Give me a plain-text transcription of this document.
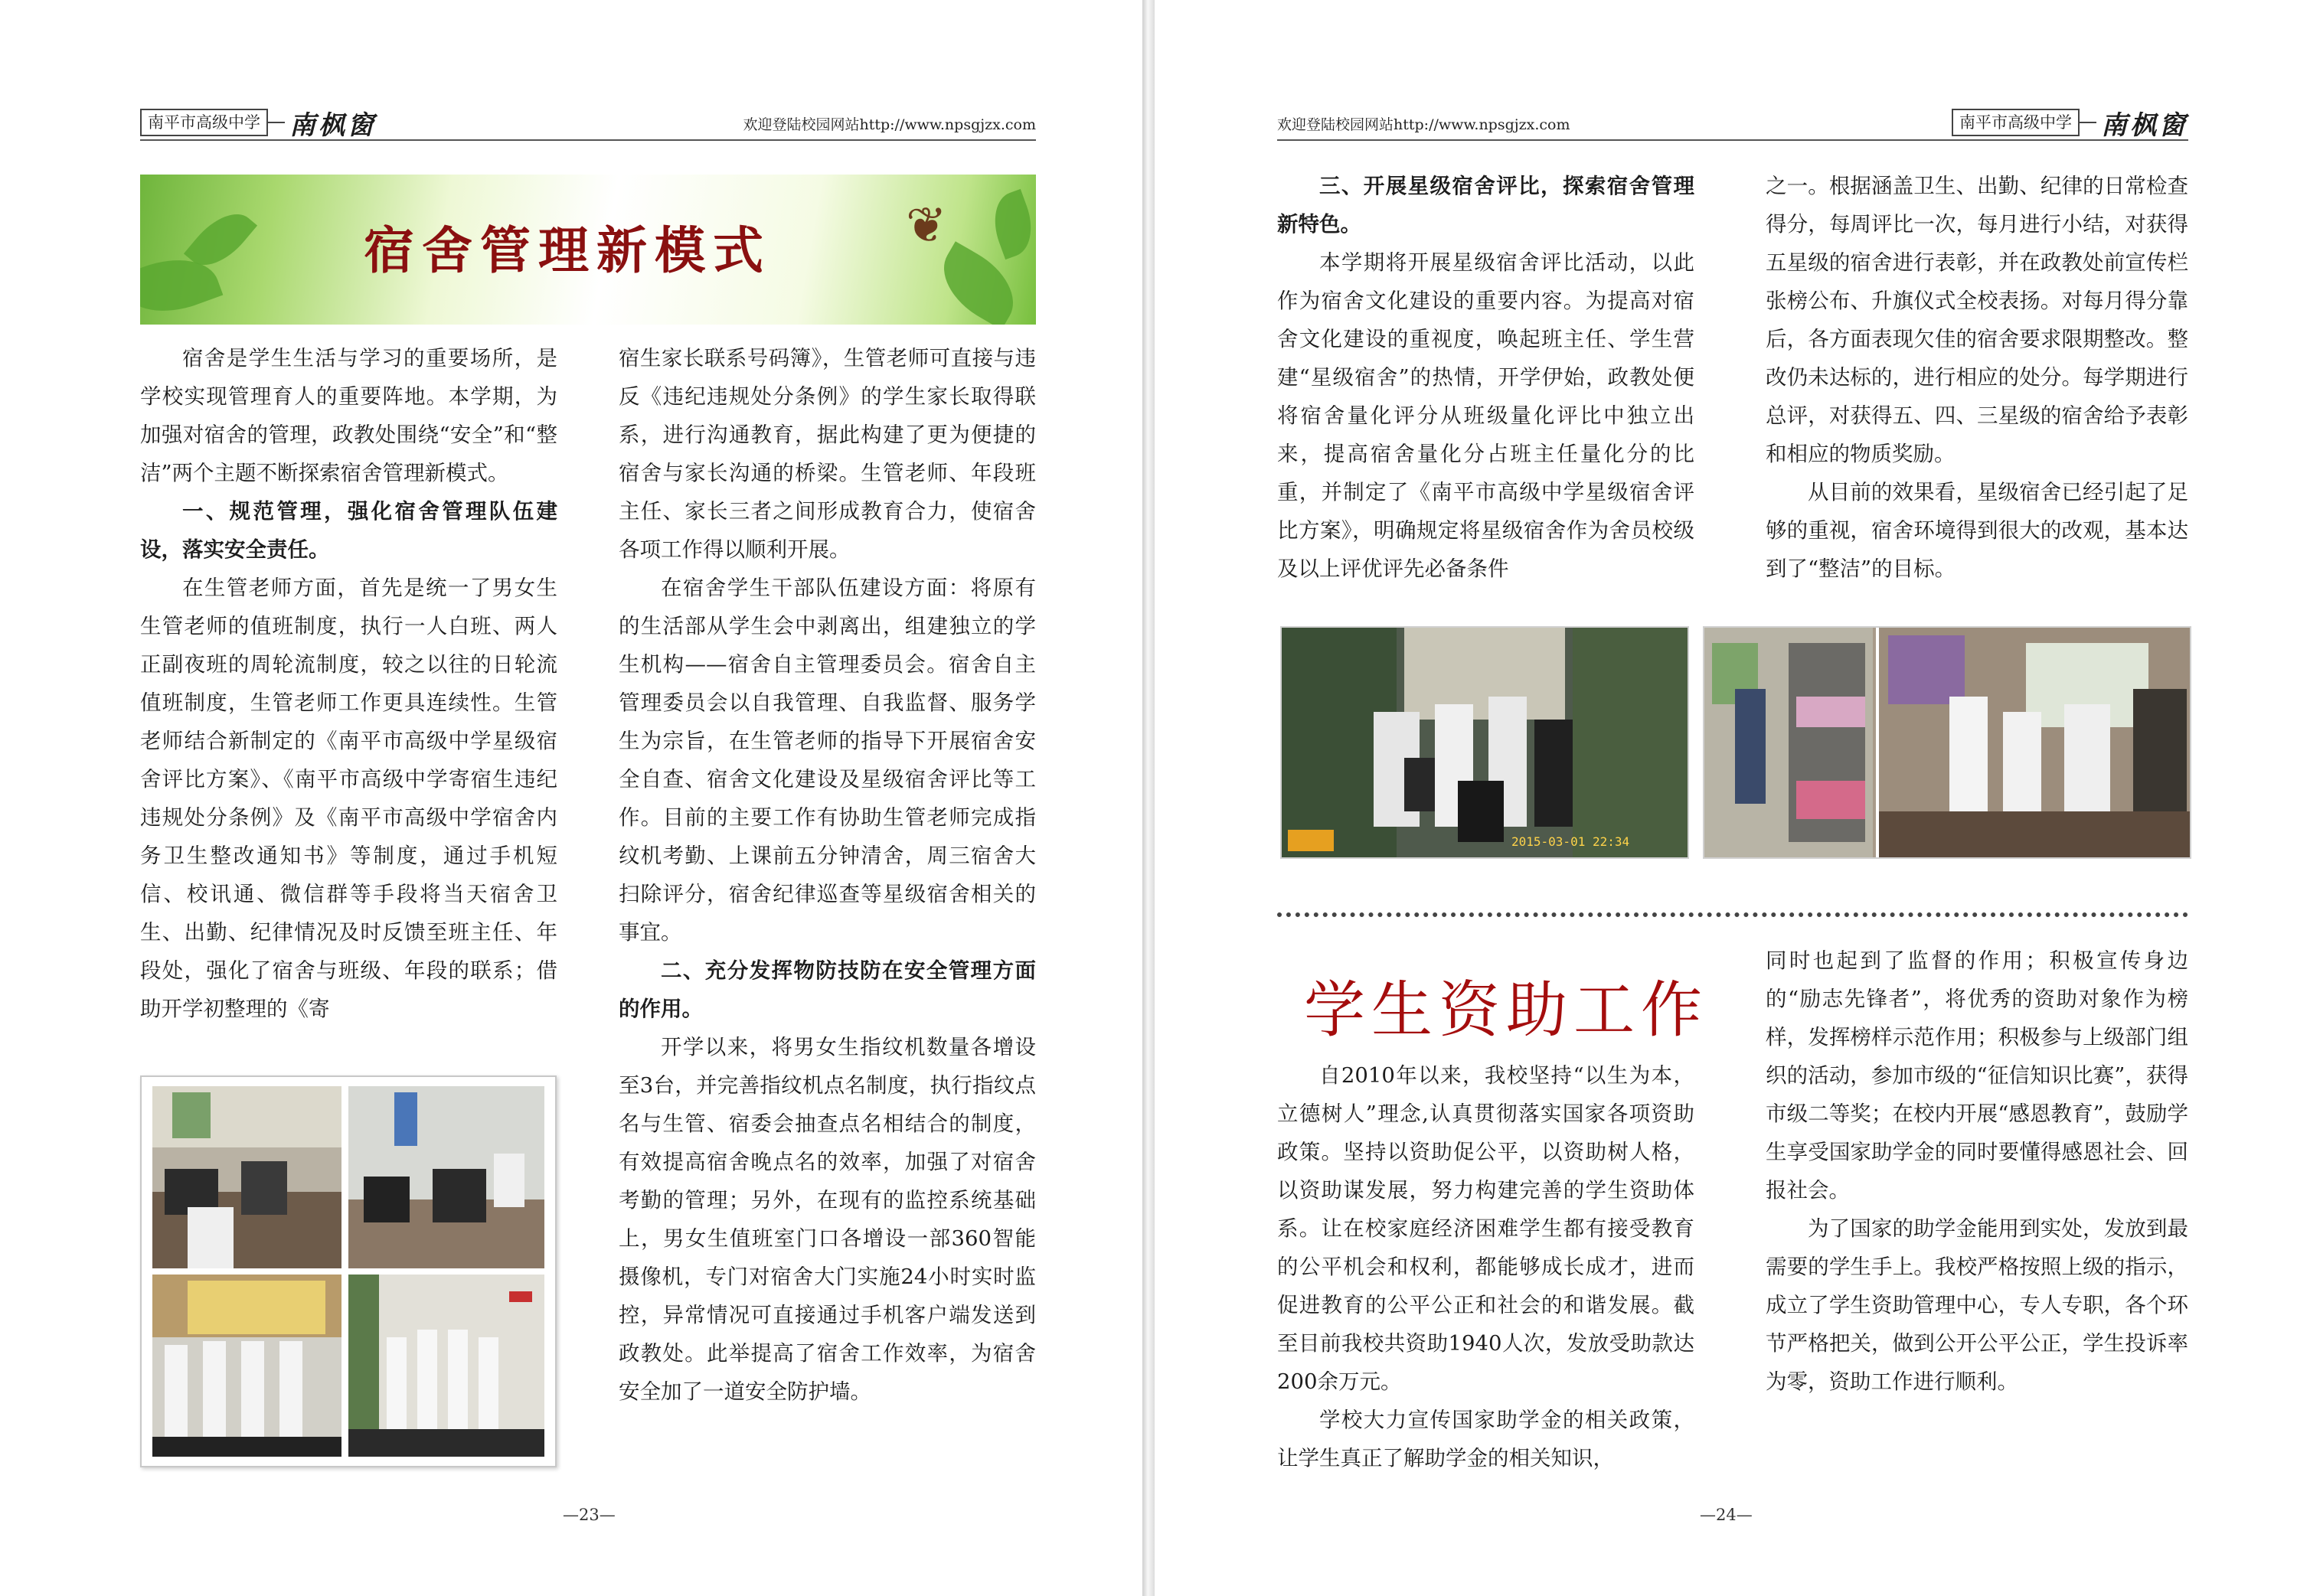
南平市高级中学 南枫窗	欢迎登陆校园网站http://www.npsgjzx.com
❦
宿舍管理新模式

宿舍是学生生活与学习的重要场所，是学校实现管理育人的重要阵地。本学期，为加强对宿舍的管理，政教处围绕“安全”和“整洁”两个主题不断探索宿舍管理新模式。

一、规范管理，强化宿舍管理队伍建设，落实安全责任。

在生管老师方面，首先是统一了男女生生管老师的值班制度，执行一人白班、两人正副夜班的周轮流制度，较之以往的日轮流值班制度，生管老师工作更具连续性。生管老师结合新制定的《南平市高级中学星级宿舍评比方案》、《南平市高级中学寄宿生违纪违规处分条例》及《南平市高级中学宿舍内务卫生整改通知书》等制度，通过手机短信、校讯通、微信群等手段将当天宿舍卫生、出勤、纪律情况及时反馈至班主任、年段处，强化了宿舍与班级、年段的联系；借助开学初整理的《寄

宿生家长联系号码簿》，生管老师可直接与违反《违纪违规处分条例》的学生家长取得联系，进行沟通教育，据此构建了更为便捷的宿舍与家长沟通的桥梁。生管老师、年段班主任、家长三者之间形成教育合力，使宿舍各项工作得以顺利开展。

在宿舍学生干部队伍建设方面：将原有的生活部从学生会中剥离出，组建独立的学生机构——宿舍自主管理委员会。宿舍自主管理委员会以自我管理、自我监督、服务学生为宗旨，在生管老师的指导下开展宿舍安全自查、宿舍文化建设及星级宿舍评比等工作。目前的主要工作有协助生管老师完成指纹机考勤、上课前五分钟清舍，周三宿舍大扫除评分，宿舍纪律巡查等星级宿舍相关的事宜。

二、充分发挥物防技防在安全管理方面的作用。

开学以来，将男女生指纹机数量各增设至3台，并完善指纹机点名制度，执行指纹点名与生管、宿委会抽查点名相结合的制度，有效提高宿舍晚点名的效率，加强了对宿舍考勤的管理；另外，在现有的监控系统基础上，男女生值班室门口各增设一部360智能摄像机，专门对宿舍大门实施24小时实时监控，异常情况可直接通过手机客户端发送到政教处。此举提高了宿舍工作效率，为宿舍安全加了一道安全防护墙。

—23—
欢迎登陆校园网站http://www.npsgjzx.com	南平市高级中学 南枫窗

三、开展星级宿舍评比，探索宿舍管理新特色。

本学期将开展星级宿舍评比活动，以此作为宿舍文化建设的重要内容。为提高对宿舍文化建设的重视度，唤起班主任、学生营建“星级宿舍”的热情，开学伊始，政教处便将宿舍量化评分从班级量化评比中独立出来，提高宿舍量化分占班主任量化分的比重，并制定了《南平市高级中学星级宿舍评比方案》，明确规定将星级宿舍作为舍员校级及以上评优评先必备条件

之一。根据涵盖卫生、出勤、纪律的日常检查得分，每周评比一次，每月进行小结，对获得五星级的宿舍进行表彰，并在政教处前宣传栏张榜公布、升旗仪式全校表扬。对每月得分靠后，各方面表现欠佳的宿舍要求限期整改。整改仍未达标的，进行相应的处分。每学期进行总评，对获得五、四、三星级的宿舍给予表彰和相应的物质奖励。

从目前的效果看，星级宿舍已经引起了足够的重视，宿舍环境得到很大的改观，基本达到了“整洁”的目标。

2015-03-01 22:34
学生资助工作

自2010年以来，我校坚持“以生为本，立德树人”理念,认真贯彻落实国家各项资助政策。坚持以资助促公平，以资助树人格，以资助谋发展，努力构建完善的学生资助体系。让在校家庭经济困难学生都有接受教育的公平机会和权利，都能够成长成才，进而促进教育的公平公正和社会的和谐发展。截至目前我校共资助1940人次，发放受助款达200余万元。

学校大力宣传国家助学金的相关政策，让学生真正了解助学金的相关知识，

同时也起到了监督的作用；积极宣传身边的“励志先锋者”，将优秀的资助对象作为榜样，发挥榜样示范作用；积极参与上级部门组织的活动，参加市级的“征信知识比赛”，获得市级二等奖；在校内开展“感恩教育”，鼓励学生享受国家助学金的同时要懂得感恩社会、回报社会。

为了国家的助学金能用到实处，发放到最需要的学生手上。我校严格按照上级的指示，成立了学生资助管理中心，专人专职，各个环节严格把关，做到公开公平公正，学生投诉率为零，资助工作进行顺利。

—24—
